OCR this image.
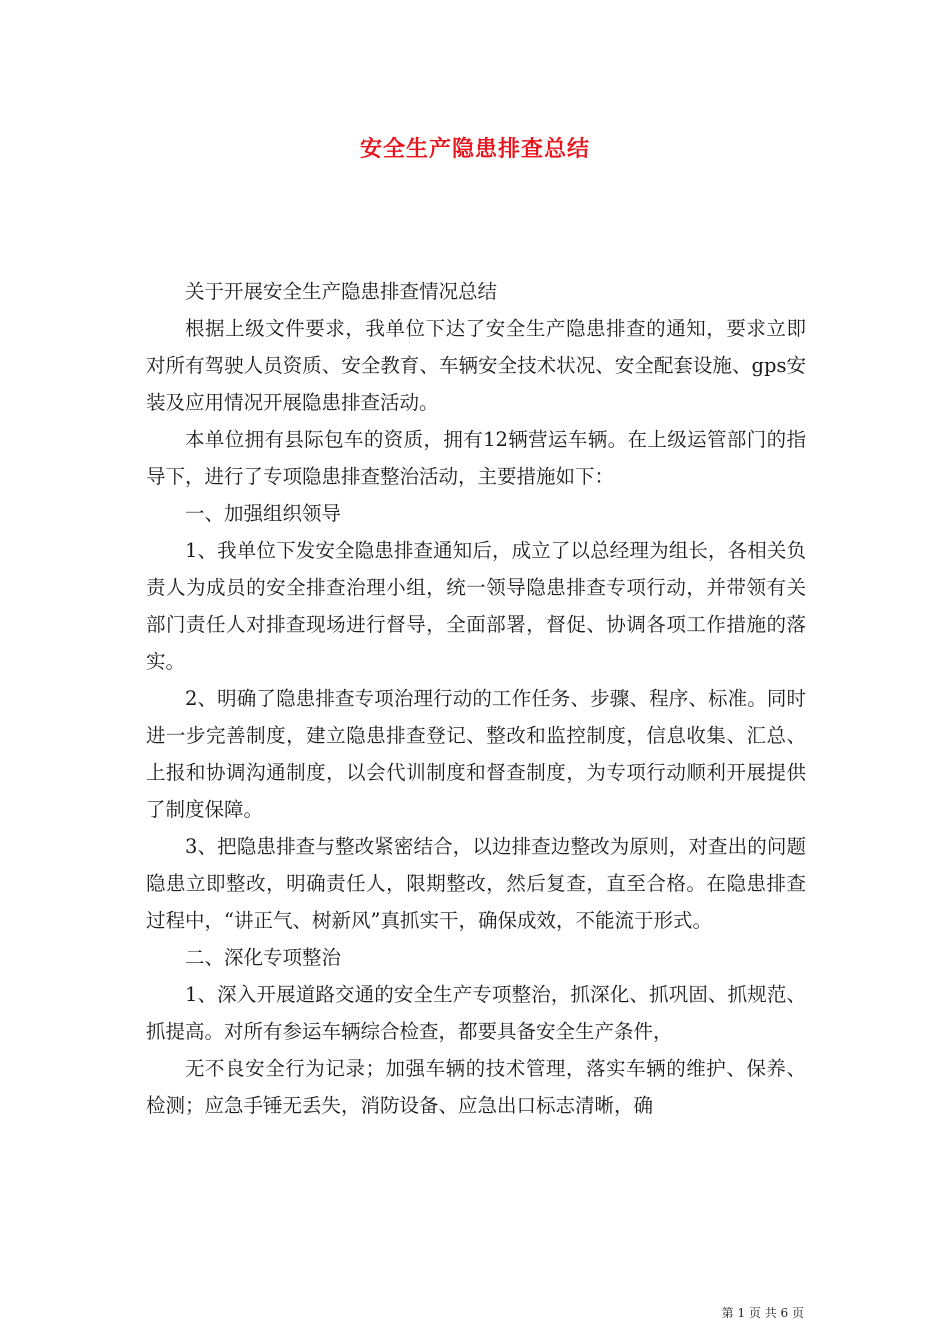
安全生产隐患排查总结

关于开展安全生产隐患排查情况总结

根据上级文件要求，我单位下达了安全生产隐患排查的通知，要求立即对所有驾驶人员资质、安全教育、车辆安全技术状况、安全配套设施、gps安装及应用情况开展隐患排查活动。

本单位拥有县际包车的资质，拥有12辆营运车辆。在上级运管部门的指导下，进行了专项隐患排查整治活动，主要措施如下：

一、加强组织领导

1、我单位下发安全隐患排查通知后，成立了以总经理为组长，各相关负责人为成员的安全排查治理小组，统一领导隐患排查专项行动，并带领有关部门责任人对排查现场进行督导，全面部署，督促、协调各项工作措施的落实。

2、明确了隐患排查专项治理行动的工作任务、步骤、程序、标准。同时进一步完善制度，建立隐患排查登记、整改和监控制度，信息收集、汇总、上报和协调沟通制度，以会代训制度和督查制度，为专项行动顺利开展提供了制度保障。

3、把隐患排查与整改紧密结合，以边排查边整改为原则，对查出的问题隐患立即整改，明确责任人，限期整改，然后复查，直至合格。在隐患排查过程中，“讲正气、树新风”真抓实干，确保成效，不能流于形式。

二、深化专项整治

1、深入开展道路交通的安全生产专项整治，抓深化、抓巩固、抓规范、抓提高。对所有参运车辆综合检查，都要具备安全生产条件，

无不良安全行为记录；加强车辆的技术管理，落实车辆的维护、保养、检测；应急手锤无丢失，消防设备、应急出口标志清晰，确

第 1 页 共 6 页
